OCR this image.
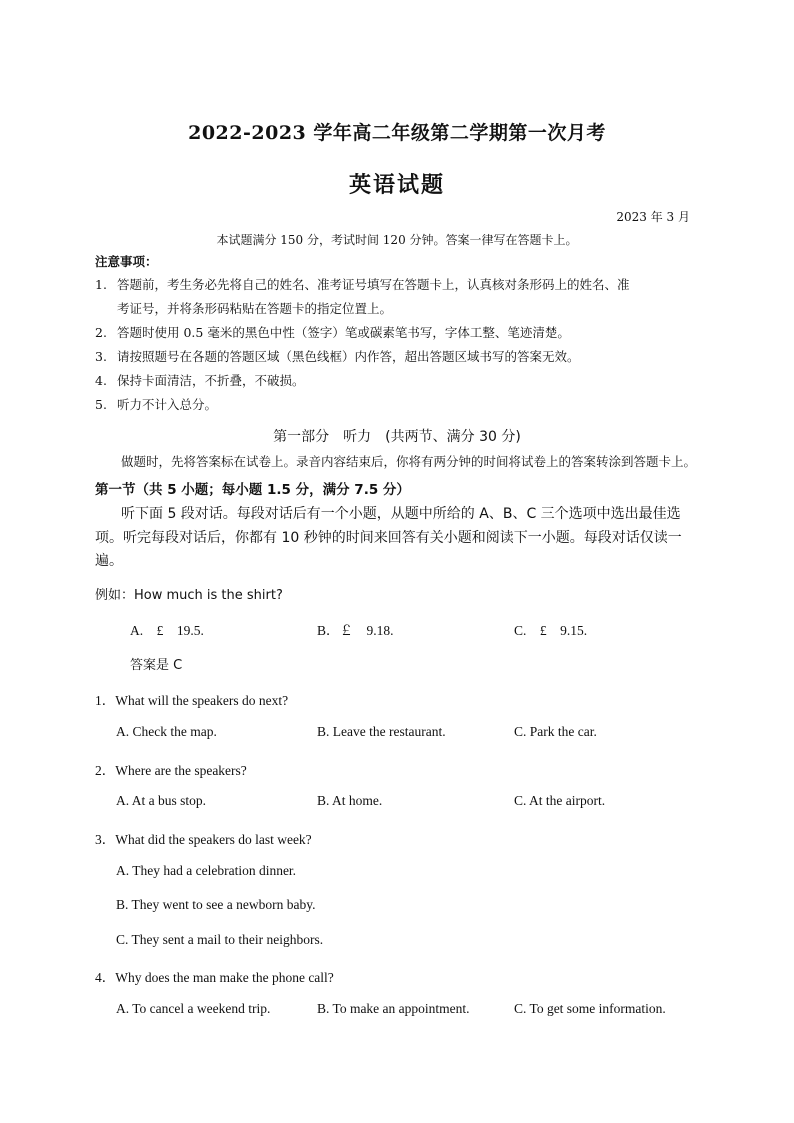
2022-2023 学年高二年级第二学期第一次月考
英语试题
2023 年 3 月
本试题满分 150 分，考试时间 120 分钟。答案一律写在答题卡上。
注意事项：
1. 答题前，考生务必先将自己的姓名、准考证号填写在答题卡上，认真核对条形码上的姓名、准
考证号，并将条形码粘贴在答题卡的指定位置上。
2. 答题时使用 0.5 毫米的黑色中性（签字）笔或碳素笔书写，字体工整、笔迹清楚。
3. 请按照题号在各题的答题区域（黑色线框）内作答，超出答题区域书写的答案无效。
4. 保持卡面清洁，不折叠，不破损。
5. 听力不计入总分。
第一部分　听力　(共两节、满分 30 分)
做题时，先将答案标在试卷上。录音内容结束后，你将有两分钟的时间将试卷上的答案转涂到答题卡上。
第一节（共 5 小题；每小题 1.5 分，满分 7.5 分）
听下面 5 段对话。每段对话后有一个小题，从题中所给的 A、B、C 三个选项中选出最佳选
项。听完每段对话后，你都有 10 秒钟的时间来回答有关小题和阅读下一小题。每段对话仅读一
遍。
例如：How much is the shirt?
A.　£　19.5.	B．￡　9.18.	C.　£　9.15.
答案是 C
1．What will the speakers do next?
A. Check the map.	B. Leave the restaurant.	C. Park the car.
2．Where are the speakers?
A. At a bus stop.	B. At home.	C. At the airport.
3．What did the speakers do last week?
A. They had a celebration dinner.
B. They went to see a newborn baby.
C. They sent a mail to their neighbors.
4．Why does the man make the phone call?
A. To cancel a weekend trip.	B. To make an appointment.	C. To get some information.
